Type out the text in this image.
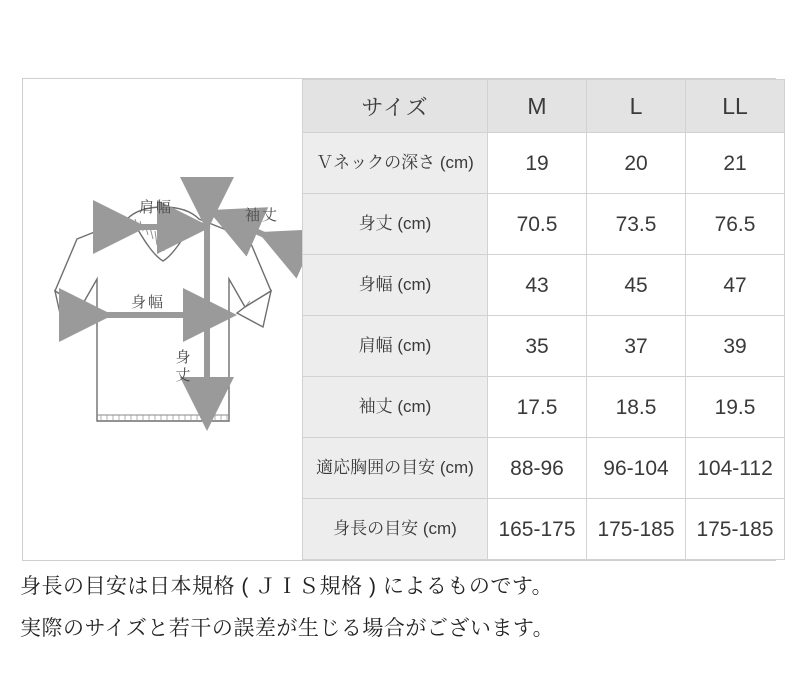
肩幅	袖丈
身幅
身丈
サイズ	M	L	LL
Ｖネックの深さ (cm)	19	20	21
身丈 (cm)	70.5	73.5	76.5
身幅 (cm)	43	45	47
肩幅 (cm)	35	37	39
袖丈 (cm)	17.5	18.5	19.5
適応胸囲の目安 (cm)	88-96	96-104	104-112
身長の目安 (cm)	165-175	175-185	175-185

身長の目安は日本規格 ( ＪＩＳ規格 ) によるものです。

実際のサイズと若干の誤差が生じる場合がございます。
